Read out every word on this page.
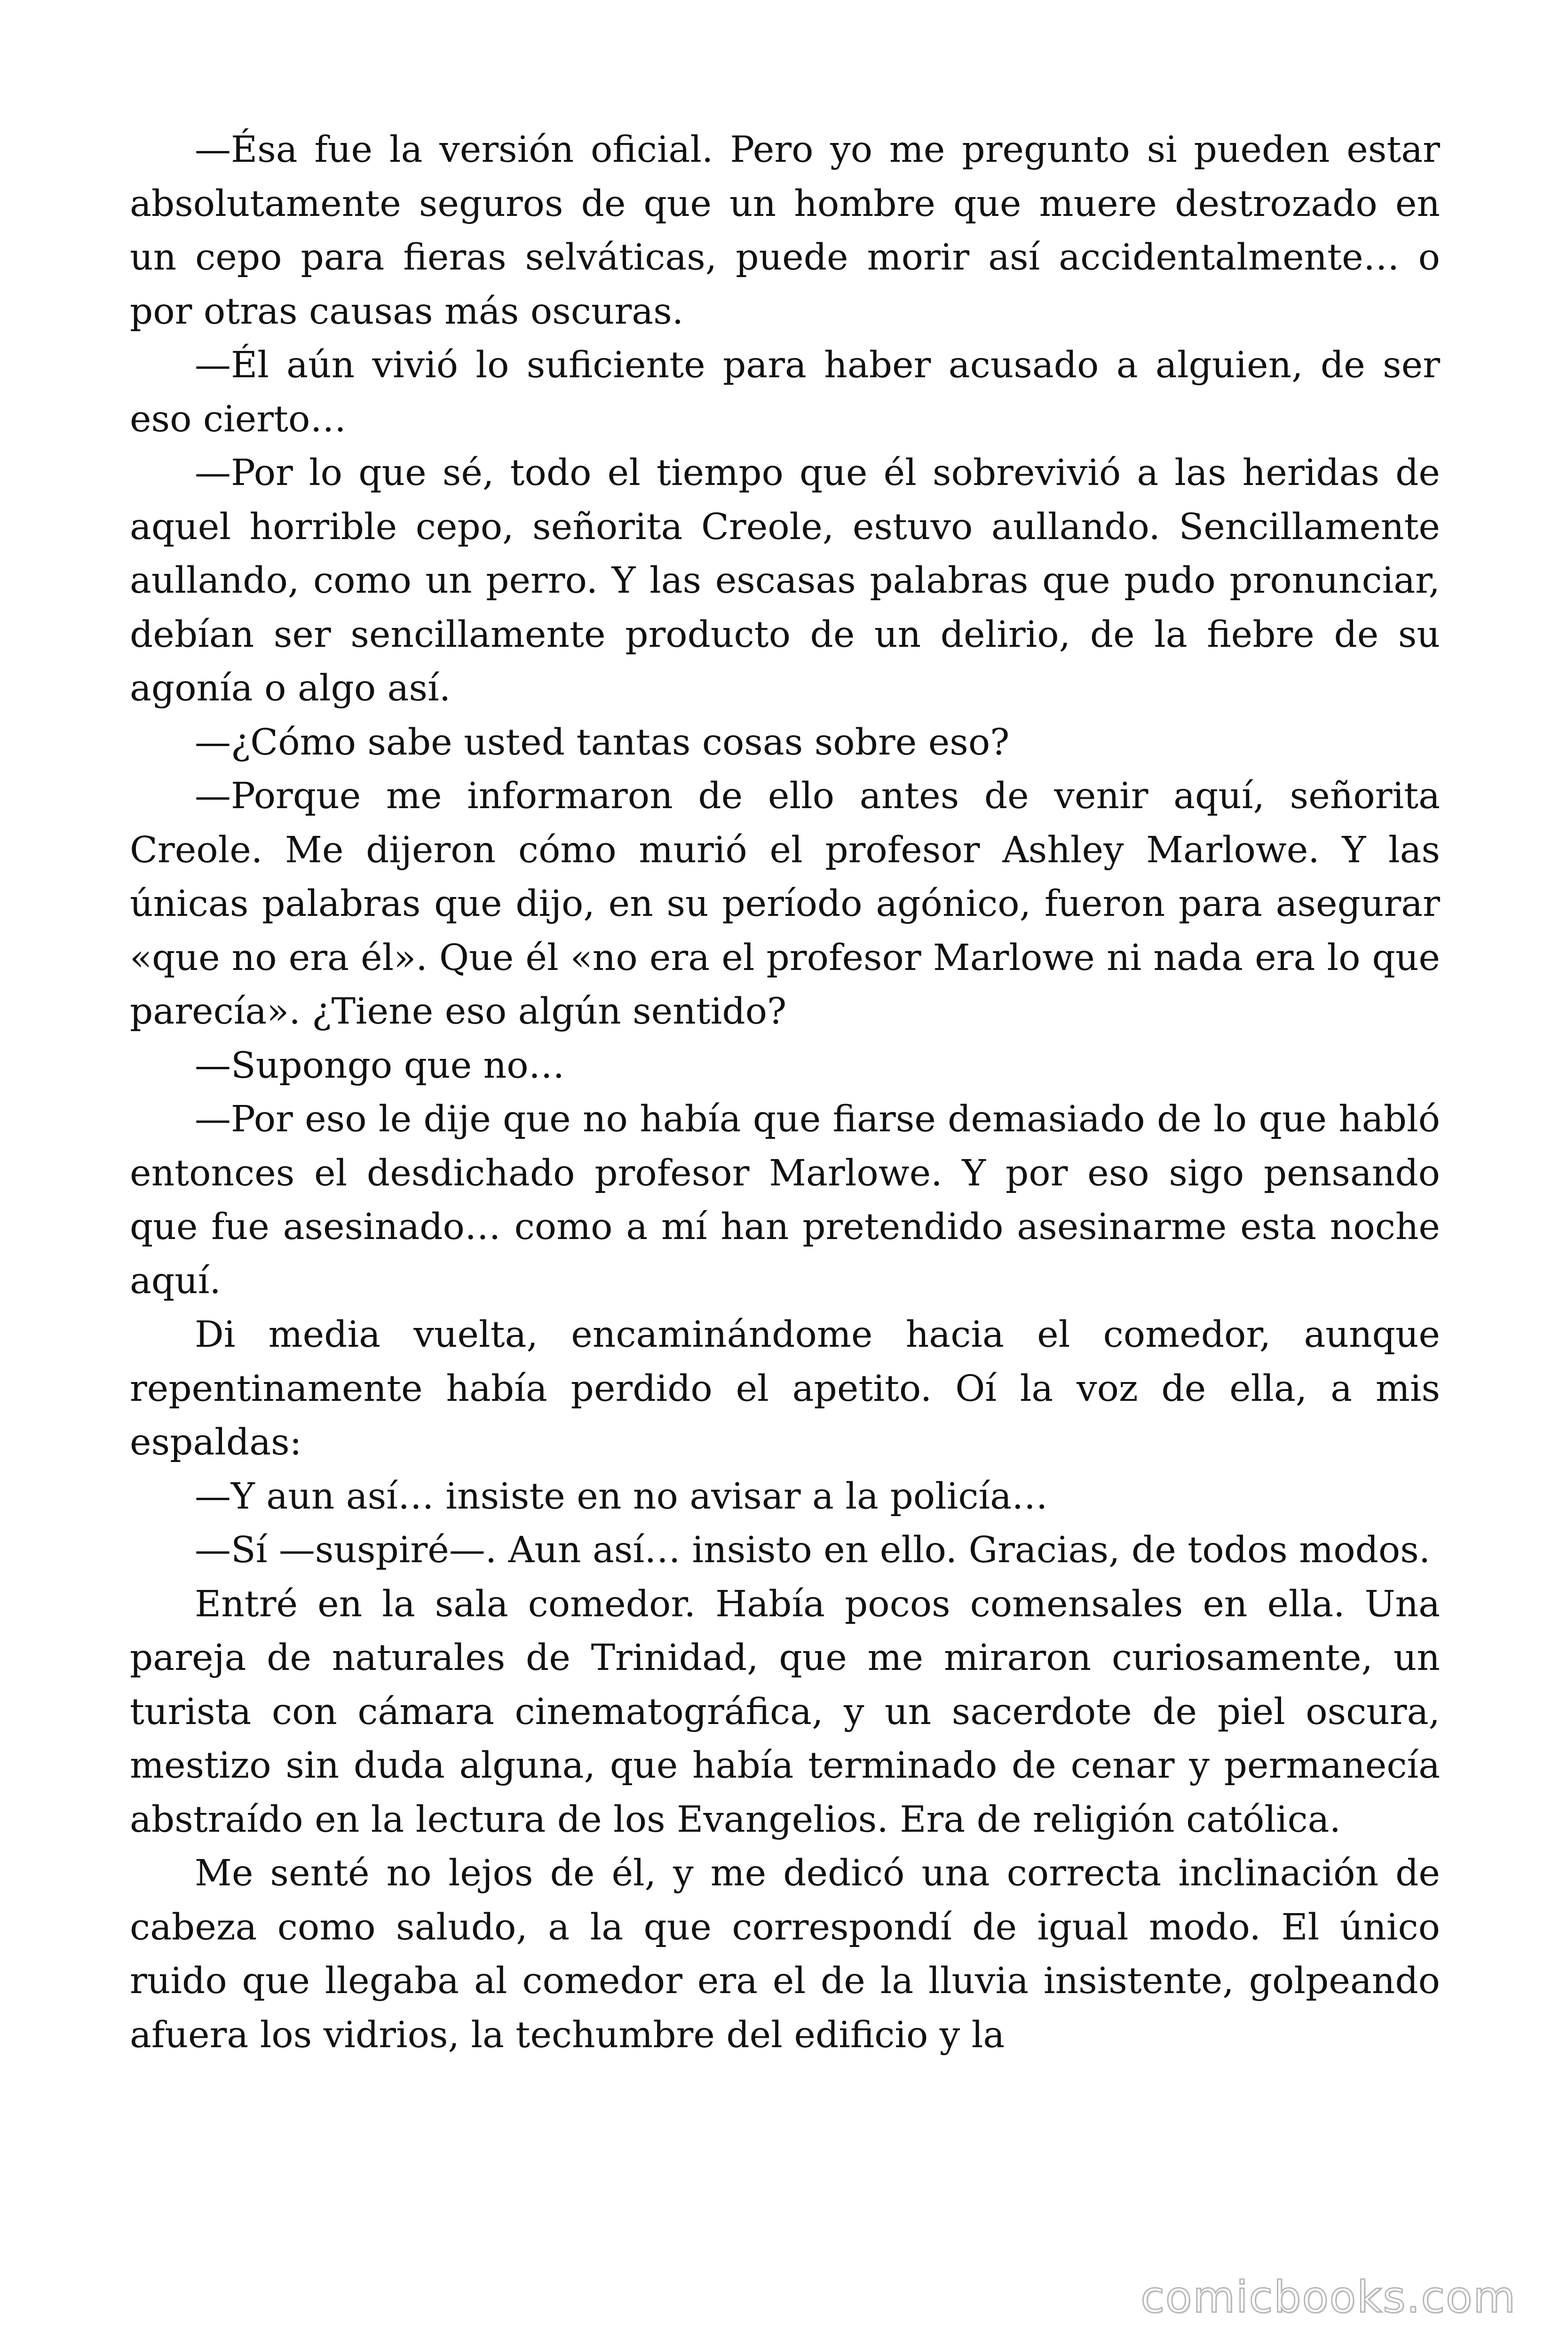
—Ésa fue la versión oficial. Pero yo me pregunto si pueden estar absolutamente seguros de que un hombre que muere destrozado en un cepo para fieras selváticas, puede morir así accidentalmente… o por otras causas más oscuras.

—Él aún vivió lo suficiente para haber acusado a alguien, de ser eso cierto…

—Por lo que sé, todo el tiempo que él sobrevivió a las heridas de aquel horrible cepo, señorita Creole, estuvo aullando. Sencillamente aullando, como un perro. Y las escasas palabras que pudo pronunciar, debían ser sencillamente producto de un delirio, de la fiebre de su agonía o algo así.

—¿Cómo sabe usted tantas cosas sobre eso?

—Porque me informaron de ello antes de venir aquí, señorita Creole. Me dijeron cómo murió el profesor Ashley Marlowe. Y las únicas palabras que dijo, en su período agónico, fueron para asegurar «que no era él». Que él «no era el profesor Marlowe ni nada era lo que parecía». ¿Tiene eso algún sentido?

—Supongo que no…

—Por eso le dije que no había que fiarse demasiado de lo que habló entonces el desdichado profesor Marlowe. Y por eso sigo pensando que fue asesinado… como a mí han pretendido asesinarme esta noche aquí.

Di media vuelta, encaminándome hacia el comedor, aunque repentinamente había perdido el apetito. Oí la voz de ella, a mis espaldas:

—Y aun así… insiste en no avisar a la policía…

—Sí —suspiré—. Aun así… insisto en ello. Gracias, de todos modos.

Entré en la sala comedor. Había pocos comensales en ella. Una pareja de naturales de Trinidad, que me miraron curiosamente, un turista con cámara cinematográfica, y un sacerdote de piel oscura, mestizo sin duda alguna, que había terminado de cenar y permanecía abstraído en la lectura de los Evangelios. Era de religión católica.

Me senté no lejos de él, y me dedicó una correcta inclinación de cabeza como saludo, a la que correspondí de igual modo. El único ruido que llegaba al comedor era el de la lluvia insistente, golpeando afuera los vidrios, la techumbre del edificio y la

comicbooks.com
